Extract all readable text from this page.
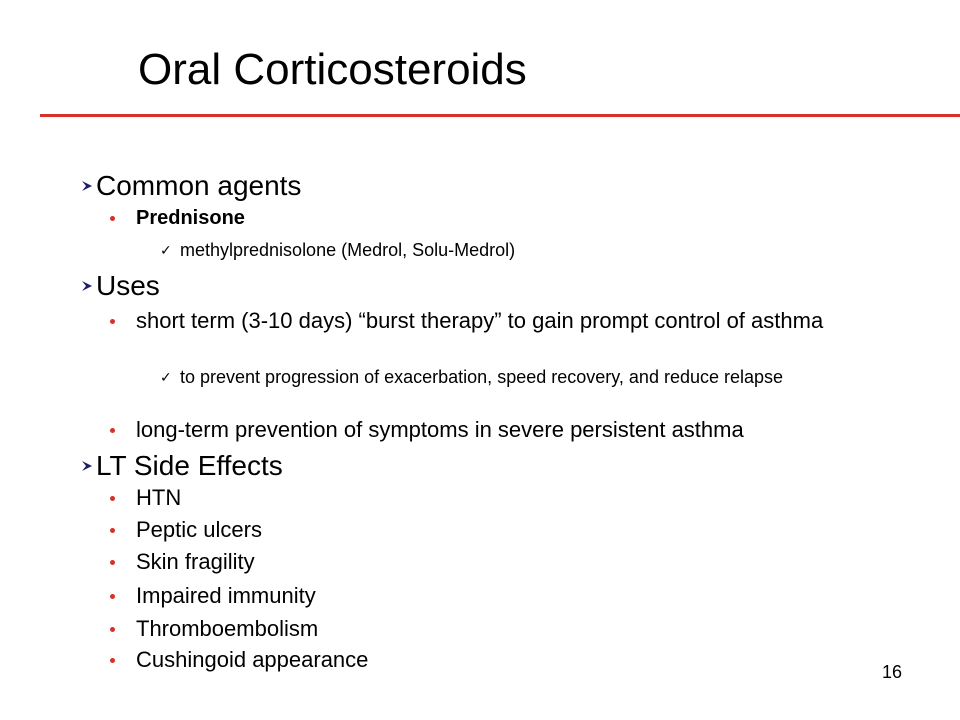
Oral Corticosteroids
Common agents
Prednisone
✓ methylprednisolone (Medrol, Solu-Medrol)
Uses
short term (3-10 days) “burst therapy” to gain prompt control of asthma
✓ to prevent progression of exacerbation, speed recovery, and reduce relapse
long-term prevention of symptoms in severe persistent asthma
LT Side Effects
HTN
Peptic ulcers
Skin fragility
Impaired immunity
Thromboembolism
Cushingoid appearance	16
